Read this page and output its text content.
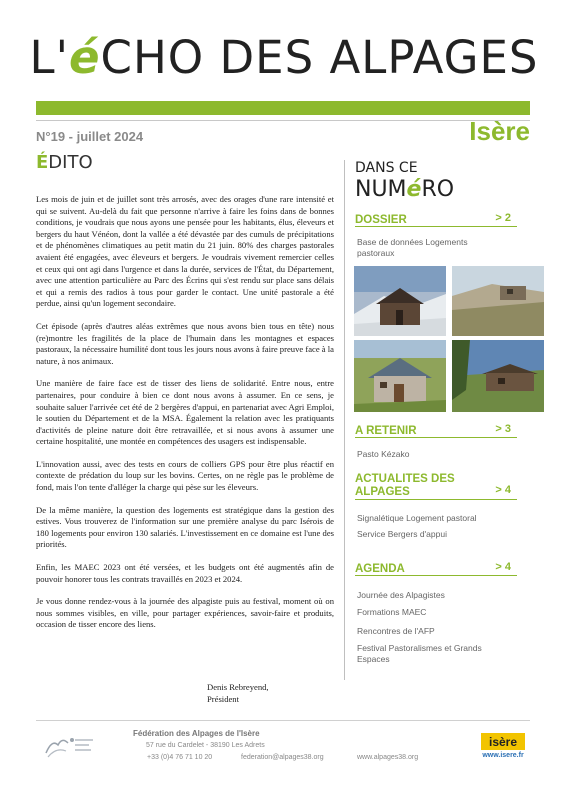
L'éCHO DES ALPAGES
N°19 - juillet 2024	Isère
ÉDITO

Les mois de juin et de juillet sont très arrosés, avec des orages d'une rare intensité et qui se suivent. Au-delà du fait que personne n'arrive à faire les foins dans de bonnes conditions, je voudrais que nous ayons une pensée pour les habitants, élus, éleveurs et bergers du haut Vénéon, dont la vallée a été dévastée par des cumuls de précipitations et de phénomènes climatiques au petit matin du 21 juin. 80% des charges pastorales avaient été engagées, avec éleveurs et bergers. Je voudrais vivement remercier celles et ceux qui ont agi dans l'urgence et dans la durée, services de l'État, du Département, avec une attention particulière au Parc des Écrins qui s'est rendu sur place sans délais et qui a remis des radios à tous pour garder le contact. Une unité pastorale a été perdue, ainsi qu'un logement secondaire.

Cet épisode (après d'autres aléas extrêmes que nous avons bien tous en tête) nous (re)montre les fragilités de la place de l'humain dans les montagnes et espaces pastoraux, la nécessaire humilité dont tous les jours nous avons à faire preuve face à la nature, à nos animaux.

Une manière de faire face est de tisser des liens de solidarité. Entre nous, entre partenaires, pour conduire à bien ce dont nous avons à assumer. En ce sens, je souhaite saluer l'arrivée cet été de 2 bergères d'appui, en partenariat avec Agri Emploi, le soutien du Département et de la MSA. Également la relation avec les pratiquants d'activités de pleine nature doit être retravaillée, et si nous avons à assumer une certaine hospitalité, une montée en compétences des usagers est indispensable.

L'innovation aussi, avec des tests en cours de colliers GPS pour être plus réactif en contexte de prédation du loup sur les bovins. Certes, on ne règle pas le problème de fond, mais l'on tente d'alléger la charge qui pèse sur les éleveurs.

De la même manière, la question des logements est stratégique dans la gestion des estives. Vous trouverez de l'information sur une première analyse du parc Isérois de 180 logements pour environ 130 salariés. L'investissement en ce domaine est l'une des priorités.

Enfin, les MAEC 2023 ont été versées, et les budgets ont été augmentés afin de pouvoir honorer tous les contrats travaillés en 2023 et 2024.

Je vous donne rendez-vous à la journée des alpagiste puis au festival, moment où on nous sommes visibles, en ville, pour partager expériences, savoir-faire et produits, occasion de tisser encore des liens.

Denis Rebreyend,
Président
DANS CE
NUMéRO
DOSSIER	> 2
Base de données Logements pastoraux
A RETENIR	> 3
Pasto Kézako
ACTUALITES DES ALPAGES	> 4
Signalétique Logement pastoral
Service Bergers d'appui
AGENDA	> 4
Journée des Alpagistes
Formations MAEC
Rencontres de l'AFP
Festival Pastoralismes et Grands Espaces
Fédération des Alpages de l'Isère
57 rue du Cardelet - 38190 Les Adrets
+33 (0)4 76 71 10 20	federation@alpages38.org	www.alpages38.org
isère
www.isere.fr
